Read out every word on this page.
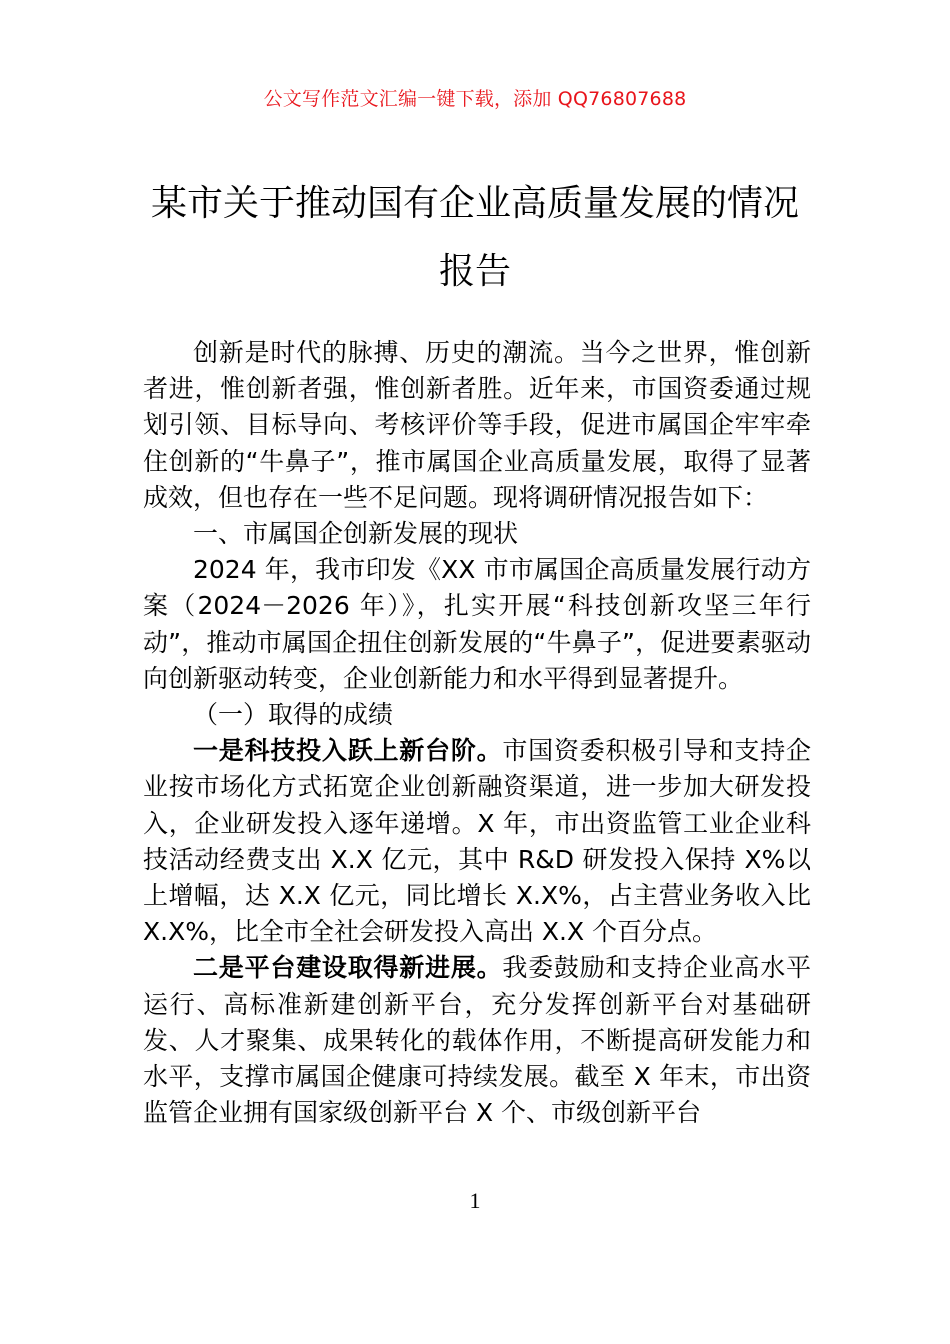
公文写作范文汇编一键下载，添加 QQ76807688
某市关于推动国有企业高质量发展的情况
报告

创新是时代的脉搏、历史的潮流。当今之世界，惟创新者进，惟创新者强，惟创新者胜。近年来，市国资委通过规划引领、目标导向、考核评价等手段，促进市属国企牢牢牵住创新的“牛鼻子”，推市属国企业高质量发展，取得了显著成效，但也存在一些不足问题。现将调研情况报告如下：

一、市属国企创新发展的现状

2024 年，我市印发《XX 市市属国企高质量发展行动方案（2024－2026 年）》，扎实开展“科技创新攻坚三年行动”，推动市属国企扭住创新发展的“牛鼻子”，促进要素驱动向创新驱动转变，企业创新能力和水平得到显著提升。

（一）取得的成绩

一是科技投入跃上新台阶。市国资委积极引导和支持企业按市场化方式拓宽企业创新融资渠道，进一步加大研发投入，企业研发投入逐年递增。X 年，市出资监管工业企业科技活动经费支出 X.X 亿元，其中 R&D 研发投入保持 X%以上增幅，达 X.X 亿元，同比增长 X.X%，占主营业务收入比 X.X%，比全市全社会研发投入高出 X.X 个百分点。

二是平台建设取得新进展。我委鼓励和支持企业高水平运行、高标准新建创新平台，充分发挥创新平台对基础研发、人才聚集、成果转化的载体作用，不断提高研发能力和水平，支撑市属国企健康可持续发展。截至 X 年末，市出资监管企业拥有国家级创新平台 X 个、市级创新平台

1
